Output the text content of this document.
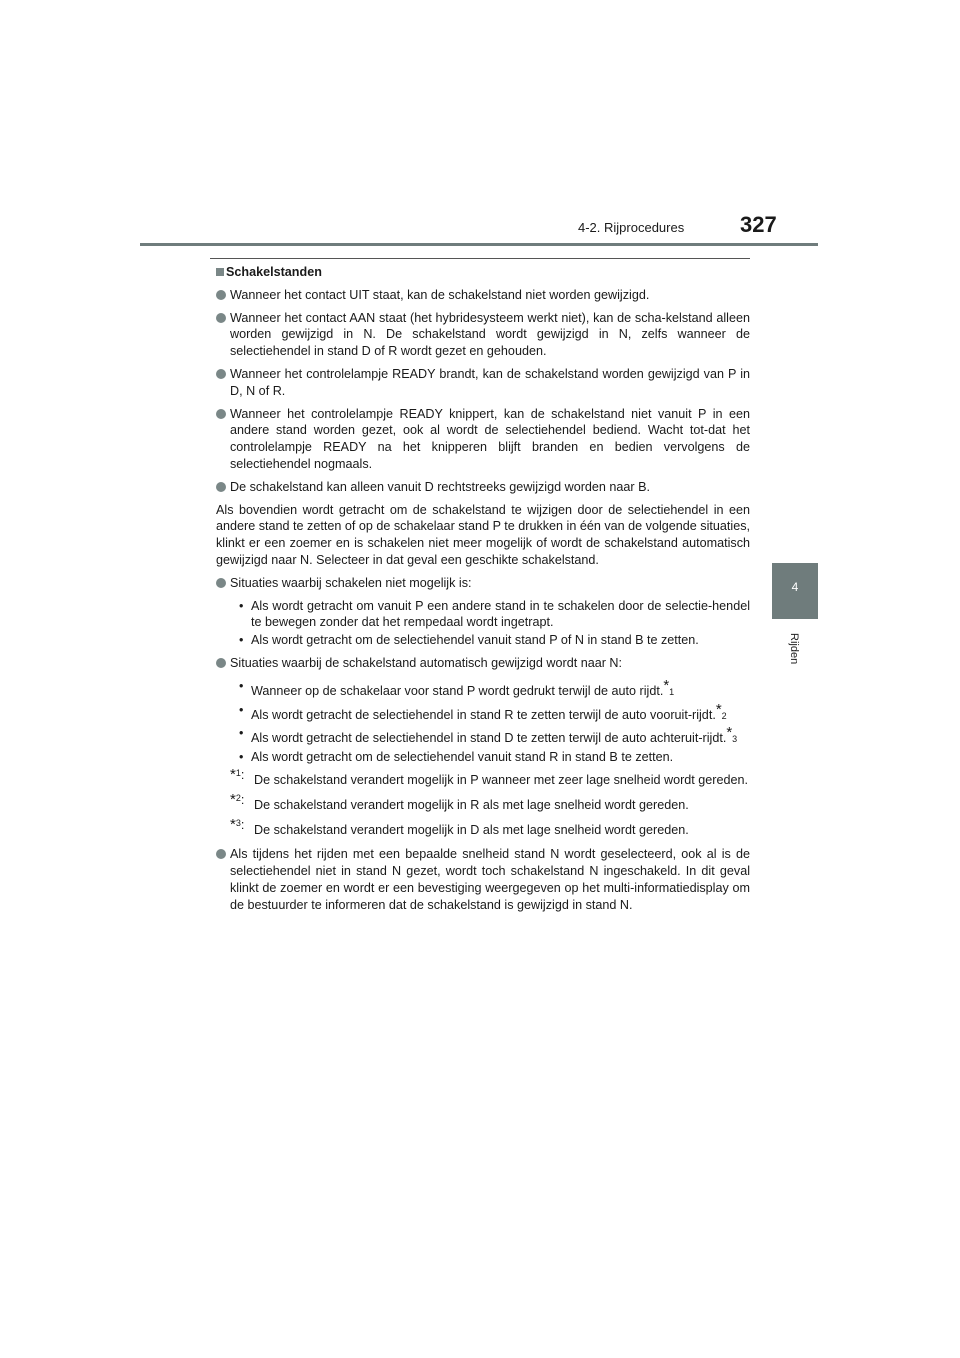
4-2. Rijprocedures	327
4
Rijden
Schakelstanden
Wanneer het contact UIT staat, kan de schakelstand niet worden gewijzigd.
Wanneer het contact AAN staat (het hybridesysteem werkt niet), kan de scha-kelstand alleen worden gewijzigd in N. De schakelstand wordt gewijzigd in N, zelfs wanneer de selectiehendel in stand D of R wordt gezet en gehouden.
Wanneer het controlelampje READY brandt, kan de schakelstand worden gewijzigd van P in D, N of R.
Wanneer het controlelampje READY knippert, kan de schakelstand niet vanuit P in een andere stand worden gezet, ook al wordt de selectiehendel bediend. Wacht tot-dat het controlelampje READY na het knipperen blijft branden en bedien vervolgens de selectiehendel nogmaals.
De schakelstand kan alleen vanuit D rechtstreeks gewijzigd worden naar B.
Als bovendien wordt getracht om de schakelstand te wijzigen door de selectiehendel in een andere stand te zetten of op de schakelaar stand P te drukken in één van de volgende situaties, klinkt er een zoemer en is schakelen niet meer mogelijk of wordt de schakelstand automatisch gewijzigd naar N. Selecteer in dat geval een geschikte schakelstand.
Situaties waarbij schakelen niet mogelijk is:
• Als wordt getracht om vanuit P een andere stand in te schakelen door de selectie-hendel te bewegen zonder dat het rempedaal wordt ingetrapt.
• Als wordt getracht om de selectiehendel vanuit stand P of N in stand B te zetten.
Situaties waarbij de schakelstand automatisch gewijzigd wordt naar N:
• Wanneer op de schakelaar voor stand P wordt gedrukt terwijl de auto rijdt.*1
• Als wordt getracht de selectiehendel in stand R te zetten terwijl de auto vooruit-rijdt.*2
• Als wordt getracht de selectiehendel in stand D te zetten terwijl de auto achteruit-rijdt.*3
• Als wordt getracht om de selectiehendel vanuit stand R in stand B te zetten.
*$^1$: De schakelstand verandert mogelijk in P wanneer met zeer lage snelheid wordt gereden.
*$^2$: De schakelstand verandert mogelijk in R als met lage snelheid wordt gereden.
*$^3$: De schakelstand verandert mogelijk in D als met lage snelheid wordt gereden.
Als tijdens het rijden met een bepaalde snelheid stand N wordt geselecteerd, ook al is de selectiehendel niet in stand N gezet, wordt toch schakelstand N ingeschakeld. In dit geval klinkt de zoemer en wordt er een bevestiging weergegeven op het multi-informatiedisplay om de bestuurder te informeren dat de schakelstand is gewijzigd in stand N.
